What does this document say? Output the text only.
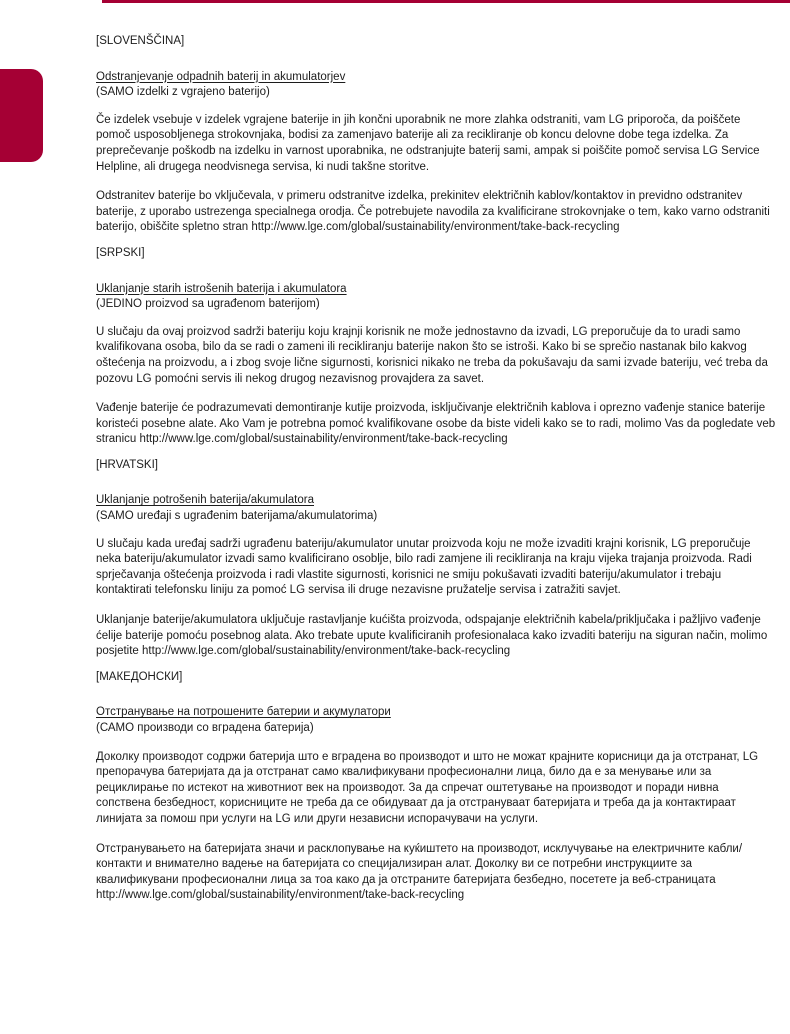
[SLOVENŠČINA]
Odstranjevanje odpadnih baterij in akumulatorjev
(SAMO izdelki z vgrajeno baterijo)

Če izdelek vsebuje v izdelek vgrajene baterije in jih končni uporabnik ne more zlahka odstraniti, vam LG priporoča, da poiščete pomoč usposobljenega strokovnjaka, bodisi za zamenjavo baterije ali za recikliranje ob koncu delovne dobe tega izdelka. Za preprečevanje poškodb na izdelku in varnost uporabnika, ne odstranjujte baterij sami, ampak si poiščite pomoč servisa LG Service Helpline, ali drugega neodvisnega servisa, ki nudi takšne storitve.

Odstranitev baterije bo vključevala, v primeru odstranitve izdelka, prekinitev električnih kablov/kontaktov in previdno odstranitev baterije, z uporabo ustrezenga specialnega orodja. Če potrebujete navodila za kvalificirane strokovnjake o tem, kako varno odstraniti baterijo, obiščite spletno stran http://www.lge.com/global/sustainability/environment/take-back-recycling

[SRPSKI]
Uklanjanje starih istrošenih baterija i akumulatora
(JEDINO proizvod sa ugrađenom baterijom)

U slučaju da ovaj proizvod sadrži bateriju koju krajnji korisnik ne može jednostavno da izvadi, LG preporučuje da to uradi samo kvalifikovana osoba, bilo da se radi o zameni ili recikliranju baterije nakon što se istroši. Kako bi se sprečio nastanak bilo kakvog oštećenja na proizvodu, a i zbog svoje lične sigurnosti, korisnici nikako ne treba da pokušavaju da sami izvade bateriju, već treba da pozovu LG pomoćni servis ili nekog drugog nezavisnog provajdera za savet.

Vađenje baterije će podrazumevati demontiranje kutije proizvoda, isključivanje električnih kablova i oprezno vađenje stanice baterije koristeći posebne alate. Ako Vam je potrebna pomoć kvalifikovane osobe da biste videli kako se to radi, molimo Vas da pogledate veb stranicu http://www.lge.com/global/sustainability/environment/take-back-recycling

[HRVATSKI]
Uklanjanje potrošenih baterija/akumulatora
(SAMO uređaji s ugrađenim baterijama/akumulatorima)

U slučaju kada uređaj sadrži ugrađenu bateriju/akumulator unutar proizvoda koju ne može izvaditi krajni korisnik, LG preporučuje neka bateriju/akumulator izvadi samo kvalificirano osoblje, bilo radi zamjene ili recikliranja na kraju vijeka trajanja proizvoda. Radi sprječavanja oštećenja proizvoda i radi vlastite sigurnosti, korisnici ne smiju pokušavati izvaditi bateriju/akumulator i trebaju kontaktirati telefonsku liniju za pomoć LG servisa ili druge nezavisne pružatelje servisa i zatražiti savjet.

Uklanjanje baterije/akumulatora uključuje rastavljanje kućišta proizvoda, odspajanje električnih kabela/priključaka i pažljivo vađenje ćelije baterije pomoću posebnog alata. Ako trebate upute kvalificiranih profesionalaca kako izvaditi bateriju na siguran način, molimo posjetite http://www.lge.com/global/sustainability/environment/take-back-recycling

[МАКЕДОНСКИ]
Отстранување на потрошените батерии и акумулатори
(САМО производи со вградена батерија)

Доколку производот содржи батерија што е вградена во производот и што не можат крајните корисници да ја отстранат, LG препорачува батеријата да ја отстранат само квалификувани професионални лица, било да е за менување или за рециклирање по истекот на животниот век на производот. За да спречат оштетување на производот и поради нивна сопствена безбедност, корисниците не треба да се обидуваат да ја отстрануваат батеријата и треба да ја контактираат линијата за помош при услуги на LG или други независни испорачувачи на услуги.

Отстранувањето на батеријата значи и расклопување на куќиштето на производот, исклучување на електричните кабли/контакти и внимателно вадење на батеријата со специјализиран алат. Доколку ви се потребни инструкциите за квалификувани професионални лица за тоа како да ја отстраните батеријата безбедно, посетете ја веб-страницата http://www.lge.com/global/sustainability/environment/take-back-recycling
